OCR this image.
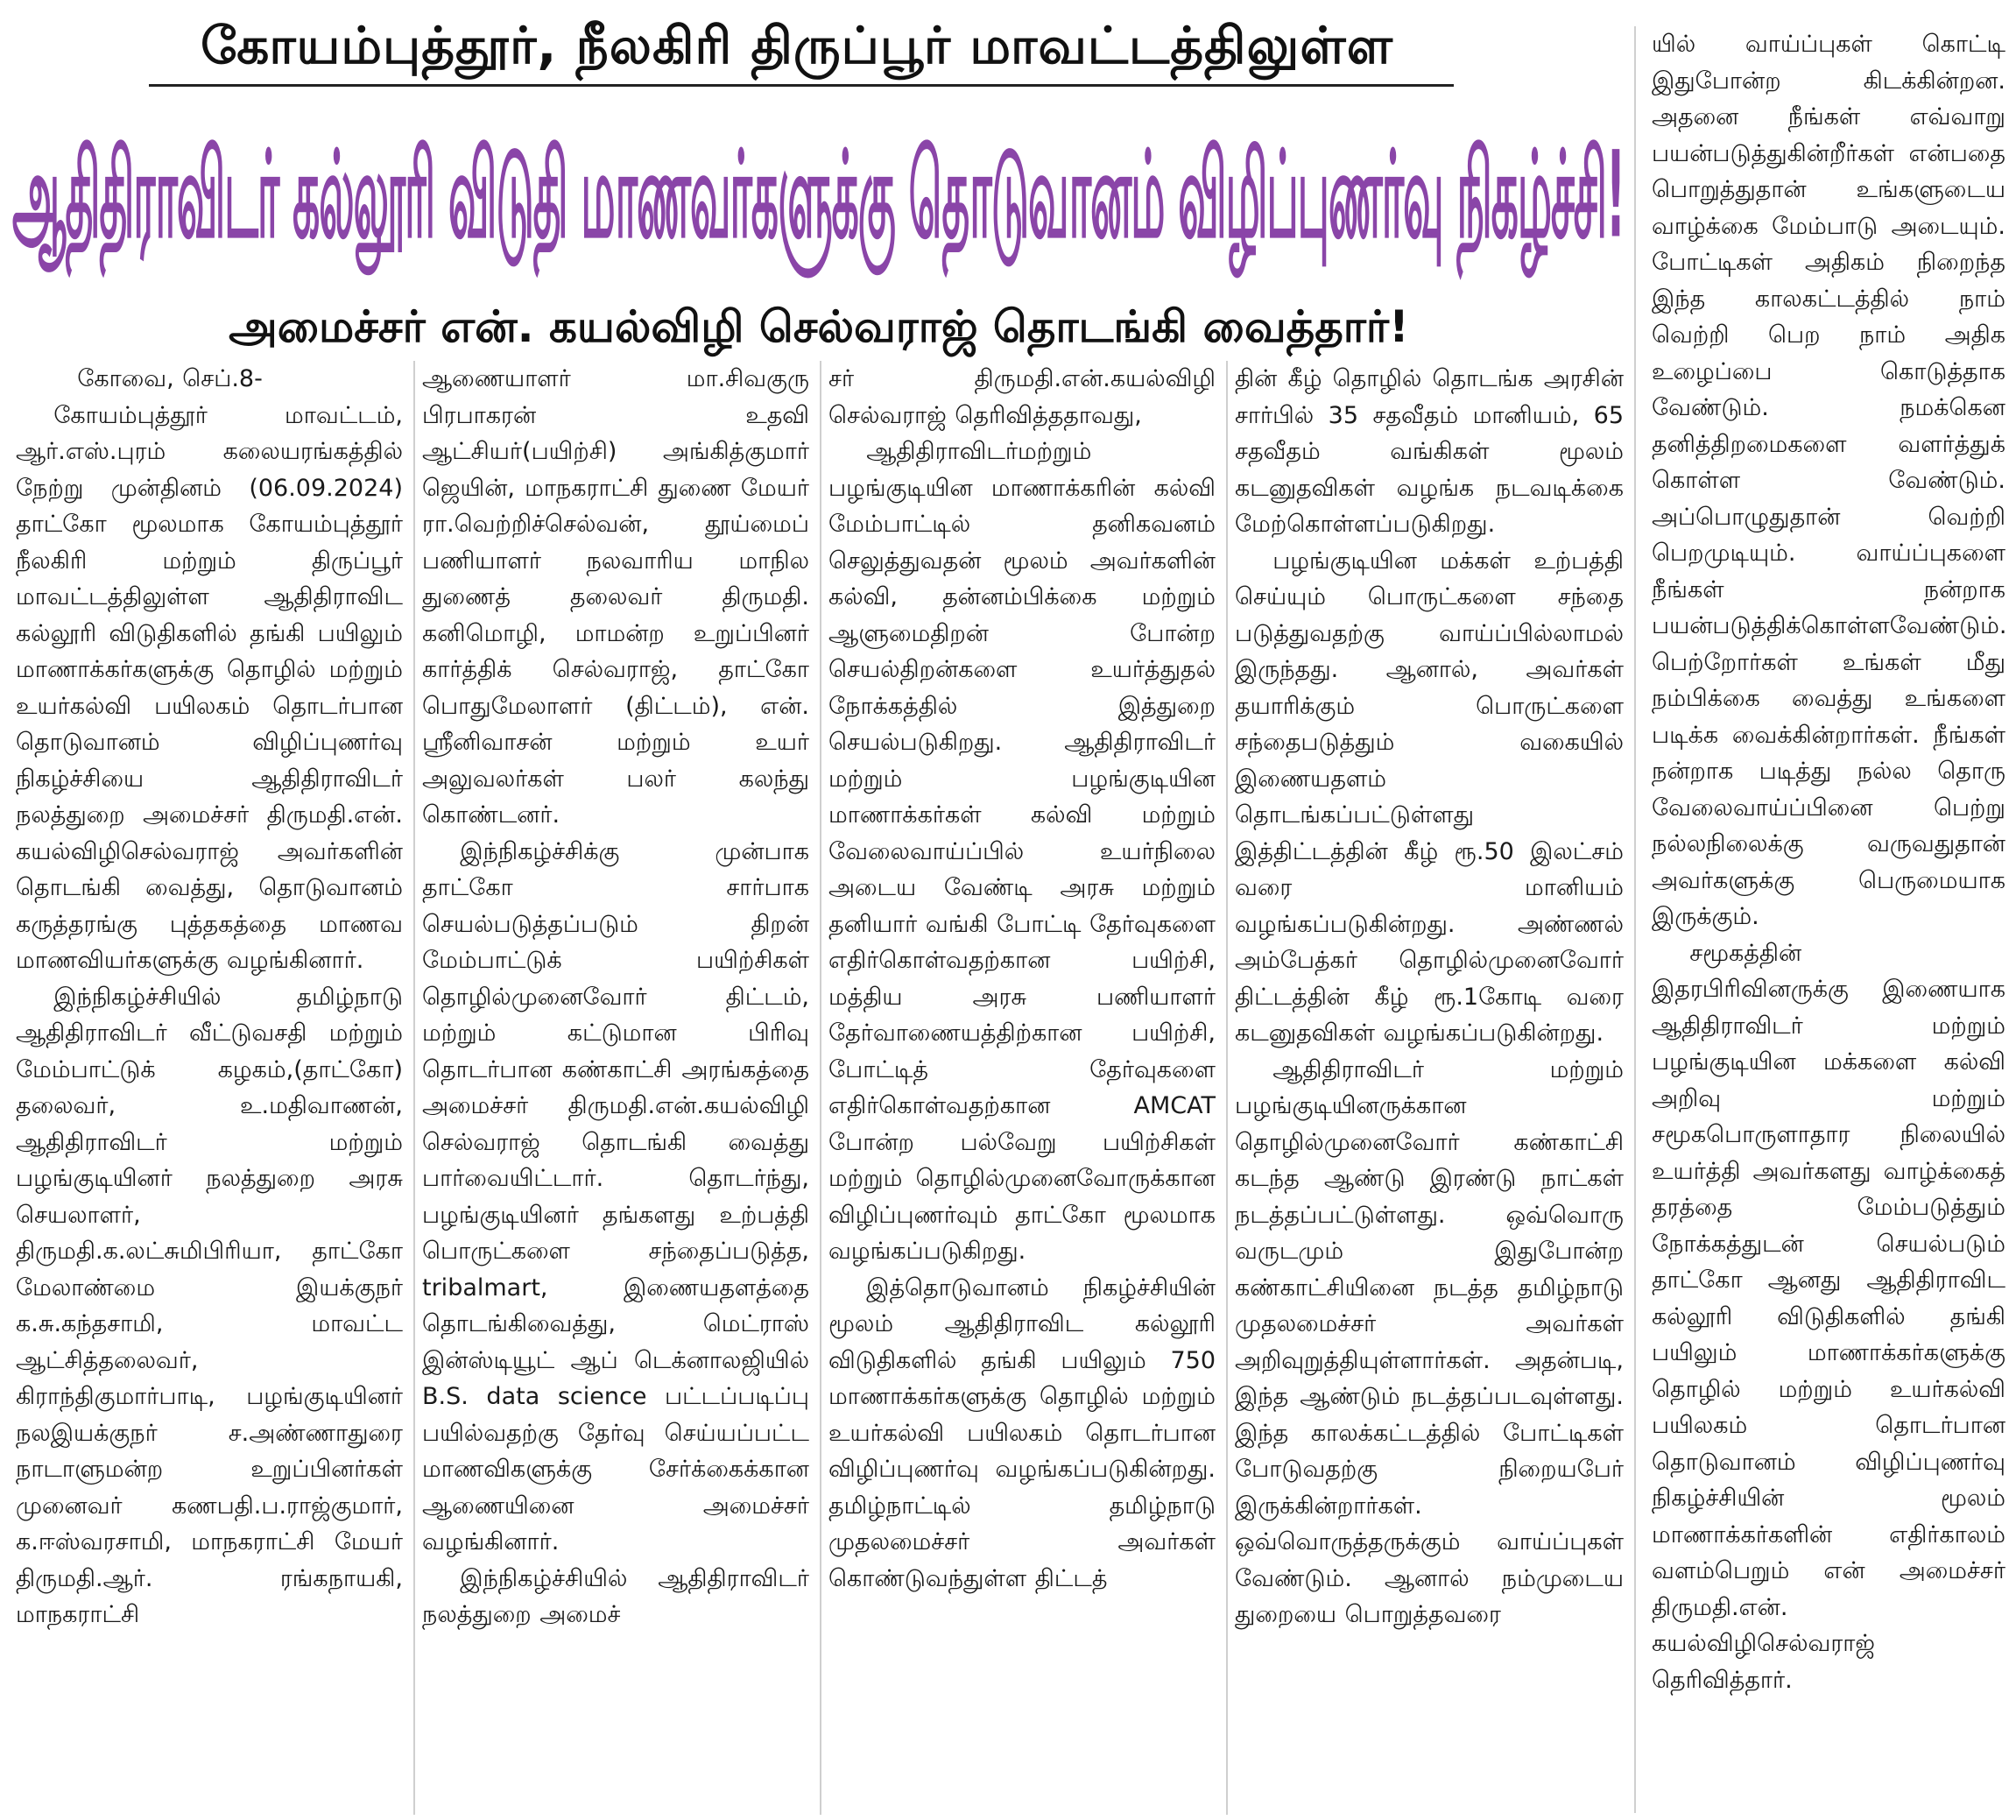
கோயம்புத்தூர், நீலகிரி திருப்பூர் மாவட்டத்திலுள்ள
ஆதிதிராவிடர் கல்லூரி விடுதி மாணவர்களுக்கு தொடுவானம் விழிப்புணர்வு நிகழ்ச்சி!
அமைச்சர் என். கயல்விழி செல்வராஜ் தொடங்கி வைத்தார்!

கோவை, செப்.8-

கோயம்புத்தூர் மாவட்டம், ஆர்.எஸ்.புரம் கலையரங்கத்தில் நேற்று முன்தினம் (06.09.2024) தாட்கோ மூலமாக கோயம்புத்தூர் நீலகிரி மற்றும் திருப்பூர் மாவட்டத்திலுள்ள ஆதிதிராவிட கல்லூரி விடுதிகளில் தங்கி பயிலும் மாணாக்கர்களுக்கு தொழில் மற்றும் உயர்கல்வி பயிலகம் தொடர்பான தொடுவானம் விழிப்புணர்வு நிகழ்ச்சியை ஆதிதிராவிடர் நலத்துறை அமைச்சர் திருமதி.என். கயல்விழிசெல்வராஜ் அவர்களின் தொடங்கி வைத்து, தொடுவானம் கருத்தரங்கு புத்தகத்தை மாணவ மாணவியர்களுக்கு வழங்கினார்.

இந்நிகழ்ச்சியில் தமிழ்நாடு ஆதிதிராவிடர் வீட்டுவசதி மற்றும் மேம்பாட்டுக் கழகம்,(தாட்கோ) தலைவர், உ.மதிவாணன், ஆதிதிராவிடர் மற்றும் பழங்குடியினர் நலத்துறை அரசு செயலாளர், திருமதி.க.லட்சுமிபிரியா, தாட்கோ மேலாண்மை இயக்குநர் க.சு.கந்தசாமி, மாவட்ட ஆட்சித்தலைவர், கிராந்திகுமார்பாடி, பழங்குடியினர் நலஇயக்குநர் ச.அண்ணாதுரை நாடாளுமன்ற உறுப்பினர்கள் முனைவர் கணபதி.ப.ராஜ்குமார், க.ஈஸ்வரசாமி, மாநகராட்சி மேயர் திருமதி.ஆர். ரங்கநாயகி, மாநகராட்சி

ஆணையாளர் மா.சிவகுரு பிரபாகரன் உதவி ஆட்சியர்(பயிற்சி) அங்கித்குமார் ஜெயின், மாநகராட்சி துணை மேயர் ரா.வெற்றிச்செல்வன், தூய்மைப் பணியாளர் நலவாரிய மாநில துணைத் தலைவர் திருமதி. கனிமொழி, மாமன்ற உறுப்பினர் கார்த்திக் செல்வராஜ், தாட்கோ பொதுமேலாளர் (திட்டம்), என். ஸ்ரீனிவாசன் மற்றும் உயர் அலுவலர்கள் பலர் கலந்து கொண்டனர்.

இந்நிகழ்ச்சிக்கு முன்பாக தாட்கோ சார்பாக செயல்படுத்தப்படும் திறன் மேம்பாட்டுக் பயிற்சிகள் தொழில்முனைவோர் திட்டம், மற்றும் கட்டுமான பிரிவு தொடர்பான கண்காட்சி அரங்கத்தை அமைச்சர் திருமதி.என்.கயல்விழி செல்வராஜ் தொடங்கி வைத்து பார்வையிட்டார். தொடர்ந்து, பழங்குடியினர் தங்களது உற்பத்தி பொருட்களை சந்தைப்படுத்த, tribalmart, இணையதளத்தை தொடங்கிவைத்து, மெட்ராஸ் இன்ஸ்டியூட் ஆப் டெக்னாலஜியில் B.S. data science பட்டப்படிப்பு பயில்வதற்கு தேர்வு செய்யப்பட்ட மாணவிகளுக்கு சேர்க்கைக்கான ஆணையினை அமைச்சர் வழங்கினார்.

இந்நிகழ்ச்சியில் ஆதிதிராவிடர் நலத்துறை அமைச்

சர் திருமதி.என்.கயல்விழி செல்வராஜ் தெரிவித்ததாவது,

ஆதிதிராவிடர்மற்றும் பழங்குடியின மாணாக்கரின் கல்வி மேம்பாட்டில் தனிகவனம் செலுத்துவதன் மூலம் அவர்களின் கல்வி, தன்னம்பிக்கை மற்றும் ஆளுமைதிறன் போன்ற செயல்திறன்களை உயர்த்துதல் நோக்கத்தில் இத்துறை செயல்படுகிறது. ஆதிதிராவிடர் மற்றும் பழங்குடியின மாணாக்கர்கள் கல்வி மற்றும் வேலைவாய்ப்பில் உயர்நிலை அடைய வேண்டி அரசு மற்றும் தனியார் வங்கி போட்டி தேர்வுகளை எதிர்கொள்வதற்கான பயிற்சி, மத்திய அரசு பணியாளர் தேர்வாணையத்திற்கான பயிற்சி, போட்டித் தேர்வுகளை எதிர்கொள்வதற்கான AMCAT போன்ற பல்வேறு பயிற்சிகள் மற்றும் தொழில்முனைவோருக்கான விழிப்புணர்வும் தாட்கோ மூலமாக வழங்கப்படுகிறது.

இத்தொடுவானம் நிகழ்ச்சியின் மூலம் ஆதிதிராவிட கல்லூரி விடுதிகளில் தங்கி பயிலும் 750 மாணாக்கர்களுக்கு தொழில் மற்றும் உயர்கல்வி பயிலகம் தொடர்பான விழிப்புணர்வு வழங்கப்படுகின்றது. தமிழ்நாட்டில் தமிழ்நாடு முதலமைச்சர் அவர்கள் கொண்டுவந்துள்ள திட்டத்

தின் கீழ் தொழில் தொடங்க அரசின் சார்பில் 35 சதவீதம் மானியம், 65 சதவீதம் வங்கிகள் மூலம் கடனுதவிகள் வழங்க நடவடிக்கை மேற்கொள்ளப்படுகிறது.

பழங்குடியின மக்கள் உற்பத்தி செய்யும் பொருட்களை சந்தை படுத்துவதற்கு வாய்ப்பில்லாமல் இருந்தது. ஆனால், அவர்கள் தயாரிக்கும் பொருட்களை சந்தைபடுத்தும் வகையில் இணையதளம் தொடங்கப்பட்டுள்ளது இத்திட்டத்தின் கீழ் ரூ.50 இலட்சம் வரை மானியம் வழங்கப்படுகின்றது. அண்ணல் அம்பேத்கர் தொழில்முனைவோர் திட்டத்தின் கீழ் ரூ.1கோடி வரை கடனுதவிகள் வழங்கப்படுகின்றது.

ஆதிதிராவிடர் மற்றும் பழங்குடியினருக்கான தொழில்முனைவோர் கண்காட்சி கடந்த ஆண்டு இரண்டு நாட்கள் நடத்தப்பட்டுள்ளது. ஒவ்வொரு வருடமும் இதுபோன்ற கண்காட்சியினை நடத்த தமிழ்நாடு முதலமைச்சர் அவர்கள் அறிவுறுத்தியுள்ளார்கள். அதன்படி, இந்த ஆண்டும் நடத்தப்படவுள்ளது. இந்த காலக்கட்டத்தில் போட்டிகள் போடுவதற்கு நிறையபேர் இருக்கின்றார்கள். ஒவ்வொருத்தருக்கும் வாய்ப்புகள் வேண்டும். ஆனால் நம்முடைய துறையை பொறுத்தவரை

யில் வாய்ப்புகள் கொட்டி இதுபோன்ற கிடக்கின்றன. அதனை நீங்கள் எவ்வாறு பயன்படுத்துகின்றீர்கள் என்பதை பொறுத்துதான் உங்களுடைய வாழ்க்கை மேம்பாடு அடையும். போட்டிகள் அதிகம் நிறைந்த இந்த காலகட்டத்தில் நாம் வெற்றி பெற நாம் அதிக உழைப்பை கொடுத்தாக வேண்டும். நமக்கென தனித்திறமைகளை வளர்த்துக் கொள்ள வேண்டும். அப்பொழுதுதான் வெற்றி பெறமுடியும். வாய்ப்புகளை நீங்கள் நன்றாக பயன்படுத்திக்கொள்ளவேண்டும். பெற்றோர்கள் உங்கள் மீது நம்பிக்கை வைத்து உங்களை படிக்க வைக்கின்றார்கள். நீங்கள் நன்றாக படித்து நல்ல தொரு வேலைவாய்ப்பினை பெற்று நல்லநிலைக்கு வருவதுதான் அவர்களுக்கு பெருமையாக இருக்கும்.

சமூகத்தின் இதரபிரிவினருக்கு இணையாக ஆதிதிராவிடர் மற்றும் பழங்குடியின மக்களை கல்வி அறிவு மற்றும் சமூகபொருளாதார நிலையில் உயர்த்தி அவர்களது வாழ்க்கைத் தரத்தை மேம்படுத்தும் நோக்கத்துடன் செயல்படும் தாட்கோ ஆனது ஆதிதிராவிட கல்லூரி விடுதிகளில் தங்கி பயிலும் மாணாக்கர்களுக்கு தொழில் மற்றும் உயர்கல்வி பயிலகம் தொடர்பான தொடுவானம் விழிப்புணர்வு நிகழ்ச்சியின் மூலம் மாணாக்கர்களின் எதிர்காலம் வளம்பெறும் என் அமைச்சர் திருமதி.என். கயல்விழிசெல்வராஜ் தெரிவித்தார்.
